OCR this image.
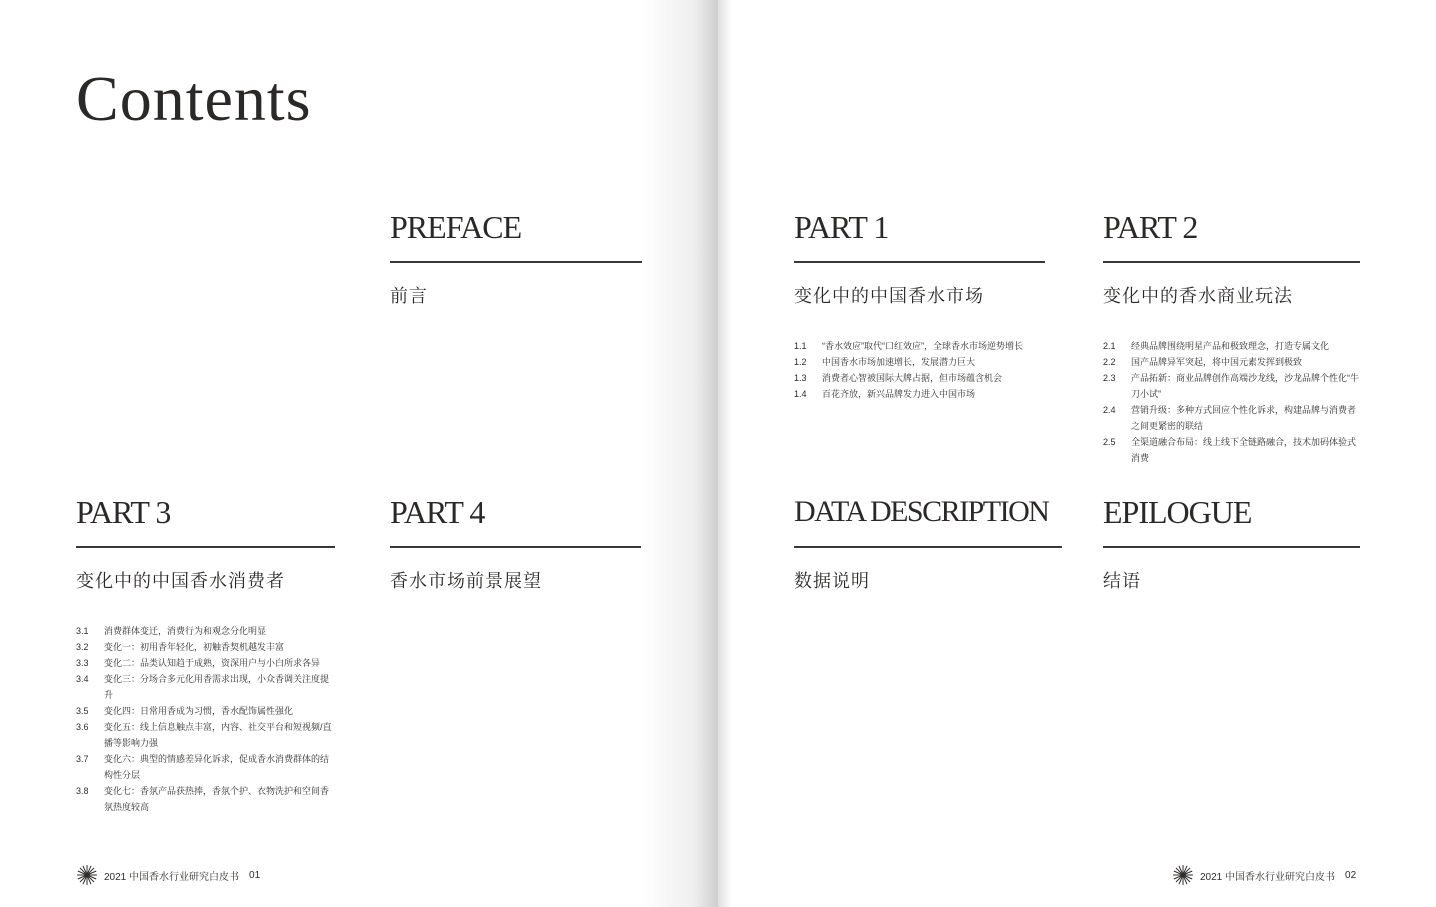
Contents
PREFACE
前言
PART 3
变化中的中国香水消费者
3.1	消费群体变迁，消费行为和观念分化明显
3.2	变化一：初用香年轻化，初触香契机越发丰富
3.3	变化二：品类认知趋于成熟，资深用户与小白所求各异
3.4	变化三：分场合多元化用香需求出现，小众香调关注度提升
3.5	变化四：日常用香成为习惯，香水配饰属性强化
3.6	变化五：线上信息触点丰富，内容、社交平台和短视频/直播等影响力强
3.7	变化六：典型的情感差异化诉求，促成香水消费群体的结构性分层
3.8	变化七：香氛产品获热捧，香氛个护、衣物洗护和空间香氛热度较高
PART 4
香水市场前景展望
2021 中国香水行业研究白皮书 01
PART 1
变化中的中国香水市场
1.1	“香水效应”取代“口红效应”，全球香水市场逆势增长
1.2	中国香水市场加速增长，发展潜力巨大
1.3	消费者心智被国际大牌占据，但市场蕴含机会
1.4	百花齐放，新兴品牌发力进入中国市场
PART 2
变化中的香水商业玩法
2.1	经典品牌围绕明星产品和极致理念，打造专属文化
2.2	国产品牌异军突起，将中国元素发挥到极致
2.3	产品拓新：商业品牌创作高端沙龙线，沙龙品牌个性化“牛刀小试”
2.4	营销升级：多种方式回应个性化诉求，构建品牌与消费者之间更紧密的联结
2.5	全渠道融合布局：线上线下全链路融合，技术加码体验式消费
DATA DESCRIPTION
数据说明
EPILOGUE
结语
2021 中国香水行业研究白皮书 02
